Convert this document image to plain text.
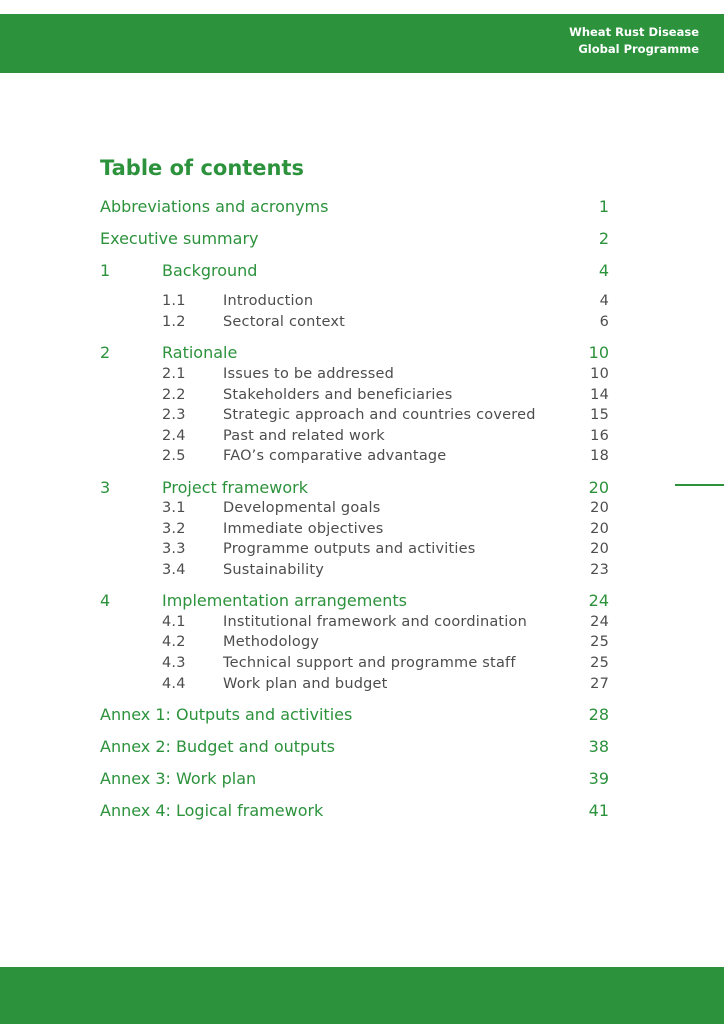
Wheat Rust Disease
Global Programme
Table of contents
Abbreviations and acronyms	1
Executive summary	2
1	Background	4
1.1	Introduction	4
1.2	Sectoral context	6
2	Rationale	10
2.1	Issues to be addressed	10
2.2	Stakeholders and beneficiaries	14
2.3	Strategic approach and countries covered	15
2.4	Past and related work	16
2.5	FAO’s comparative advantage	18
3	Project framework	20
3.1	Developmental goals	20
3.2	Immediate objectives	20
3.3	Programme outputs and activities	20
3.4	Sustainability	23
4	Implementation arrangements	24
4.1	Institutional framework and coordination	24
4.2	Methodology	25
4.3	Technical support and programme staff	25
4.4	Work plan and budget	27
Annex 1: Outputs and activities	28
Annex 2: Budget and outputs	38
Annex 3: Work plan	39
Annex 4: Logical framework	41
